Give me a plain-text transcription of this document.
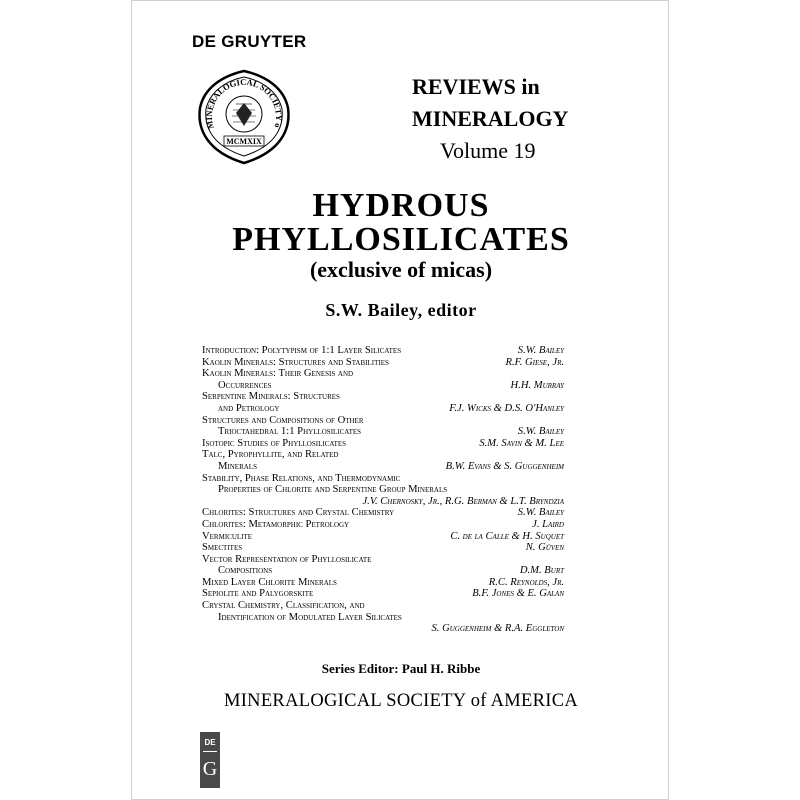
DE GRUYTER
MINERALOGICAL SOCIETY o
MCMXIX
REVIEWS in
MINERALOGY
Volume 19
HYDROUS
PHYLLOSILICATES
(exclusive of micas)
S.W. Bailey, editor
Introduction: Polytypism of 1:1 Layer Silicates	S.W. Bailey
Kaolin Minerals: Structures and Stabilities	R.F. Giese, Jr.
Kaolin Minerals: Their Genesis and
Occurrences	H.H. Murray
Serpentine Minerals: Structures
and Petrology	F.J. Wicks & D.S. O'Hanley
Structures and Compositions of Other
Trioctahedral 1:1 Phyllosilicates	S.W. Bailey
Isotopic Studies of Phyllosilicates	S.M. Savin & M. Lee
Talc, Pyrophyllite, and Related
Minerals	B.W. Evans & S. Guggenheim
Stability, Phase Relations, and Thermodynamic
Properties of Chlorite and Serpentine Group Minerals
J.V. Chernosky, Jr., R.G. Berman & L.T. Bryndzia
Chlorites: Structures and Crystal Chemistry	S.W. Bailey
Chlorites: Metamorphic Petrology	J. Laird
Vermiculite	C. de la Calle & H. Suquet
Smectites	N. Güven
Vector Representation of Phyllosilicate
Compositions	D.M. Burt
Mixed Layer Chlorite Minerals	R.C. Reynolds, Jr.
Sepiolite and Palygorskite	B.F. Jones & E. Galan
Crystal Chemistry, Classification, and
Identification of Modulated Layer Silicates
S. Guggenheim & R.A. Eggleton
Series Editor: Paul H. Ribbe
MINERALOGICAL SOCIETY of AMERICA
DE
G
